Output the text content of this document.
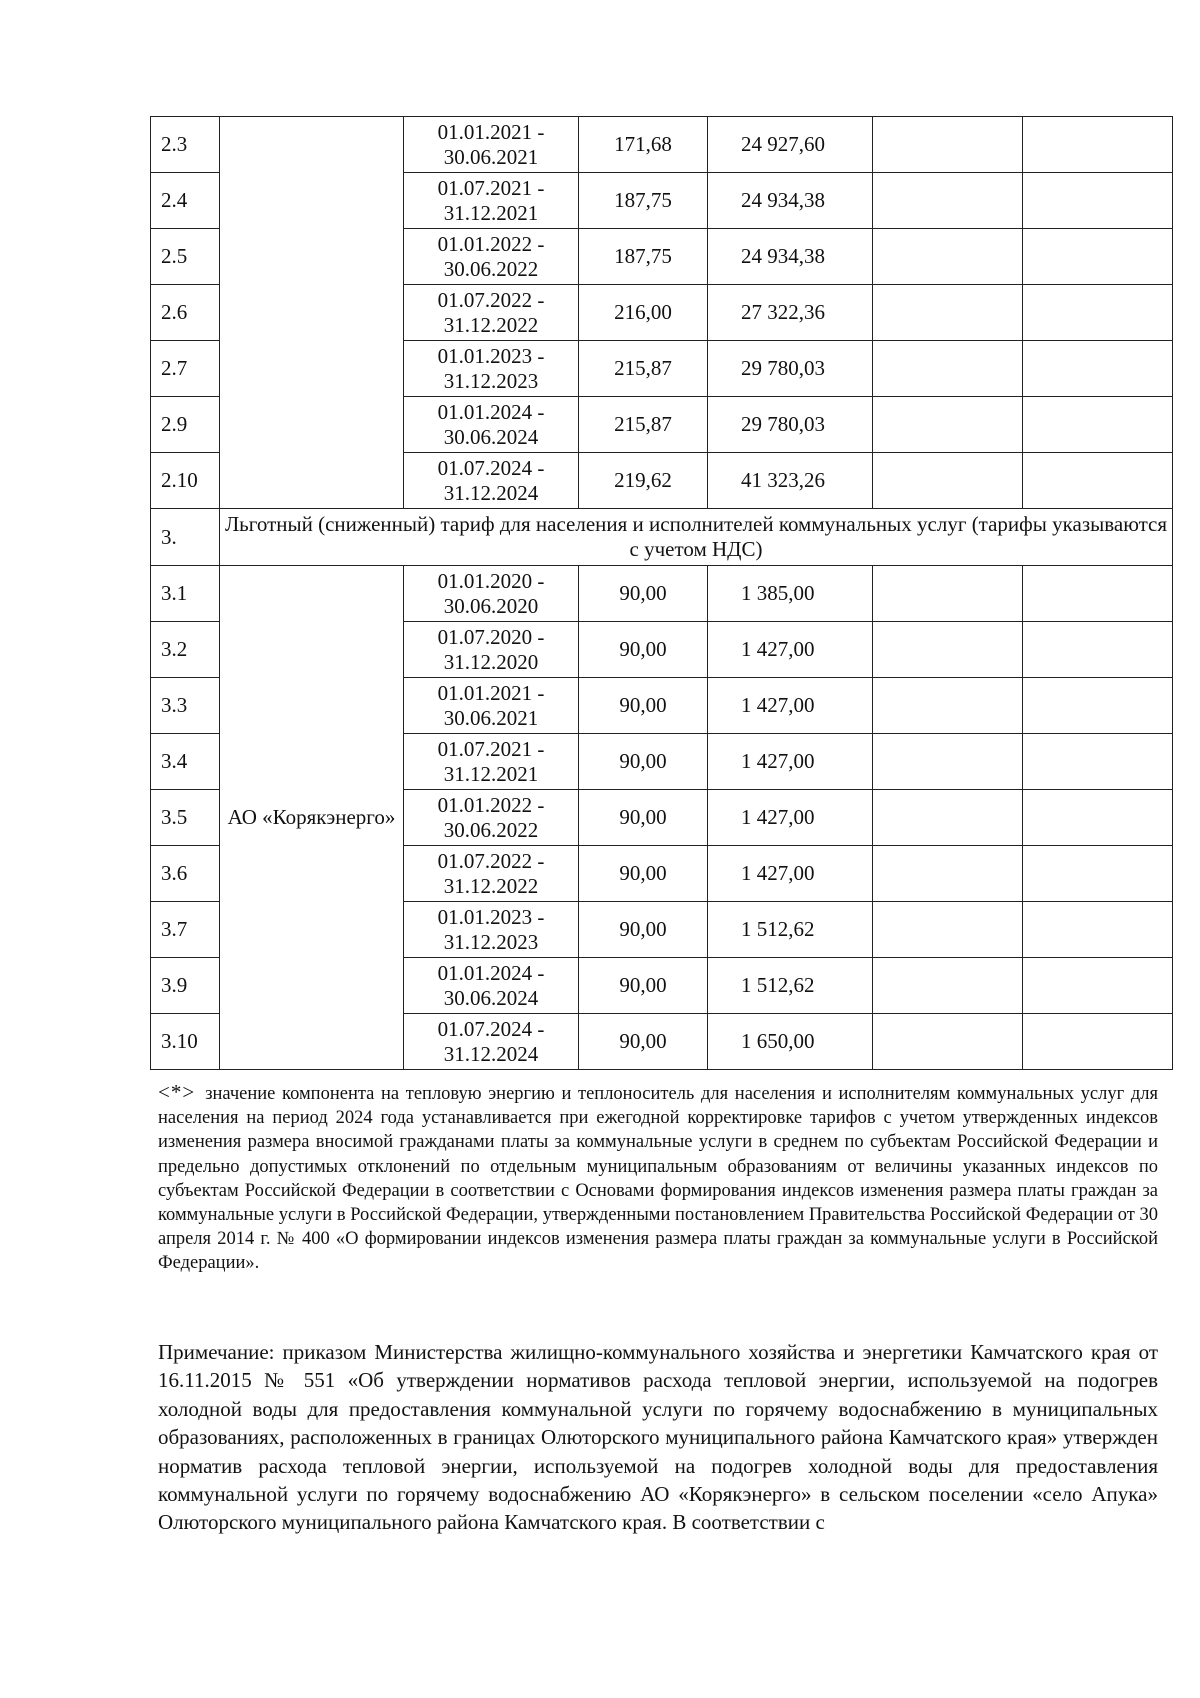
2.3		01.01.2021 -
30.06.2021	171,68	24 927,60		
2.4		01.07.2021 -
31.12.2021	187,75	24 934,38		
2.5		01.01.2022 -
30.06.2022	187,75	24 934,38		
2.6		01.07.2022 -
31.12.2022	216,00	27 322,36		
2.7		01.01.2023 -
31.12.2023	215,87	29 780,03		
2.9		01.01.2024 -
30.06.2024	215,87	29 780,03		
2.10		01.07.2024 -
31.12.2024	219,62	41 323,26		
3.	Льготный (сниженный) тариф для населения и исполнителей коммунальных услуг (тарифы указываются с учетом НДС)					
3.1	АО «Корякэнерго»	01.01.2020 -
30.06.2020	90,00	1 385,00		
3.2		01.07.2020 -
31.12.2020	90,00	1 427,00		
3.3		01.01.2021 -
30.06.2021	90,00	1 427,00		
3.4		01.07.2021 -
31.12.2021	90,00	1 427,00		
3.5		01.01.2022 -
30.06.2022	90,00	1 427,00		
3.6		01.07.2022 -
31.12.2022	90,00	1 427,00		
3.7		01.01.2023 -
31.12.2023	90,00	1 512,62		
3.9		01.01.2024 -
30.06.2024	90,00	1 512,62		
3.10		01.07.2024 -
31.12.2024	90,00	1 650,00		

<*> значение компонента на тепловую энергию и теплоноситель для населения и исполнителям коммунальных услуг для населения на период 2024 года устанавливается при ежегодной корректировке тарифов с учетом утвержденных индексов изменения размера вносимой гражданами платы за коммунальные услуги в среднем по субъектам Российской Федерации и предельно допустимых отклонений по отдельным муниципальным образованиям от величины указанных индексов по субъектам Российской Федерации в соответствии с Основами формирования индексов изменения размера платы граждан за коммунальные услуги в Российской Федерации, утвержденными постановлением Правительства Российской Федерации от 30 апреля 2014 г. № 400 «О формировании индексов изменения размера платы граждан за коммунальные услуги в Российской Федерации».

Примечание: приказом Министерства жилищно-коммунального хозяйства и энергетики Камчатского края от 16.11.2015 № 551 «Об утверждении нормативов расхода тепловой энергии, используемой на подогрев холодной воды для предоставления коммунальной услуги по горячему водоснабжению в муниципальных образованиях, расположенных в границах Олюторского муниципального района Камчатского края» утвержден норматив расхода тепловой энергии, используемой на подогрев холодной воды для предоставления коммунальной услуги по горячему водоснабжению АО «Корякэнерго» в сельском поселении «село Апука» Олюторского муниципального района Камчатского края. В соответствии с
